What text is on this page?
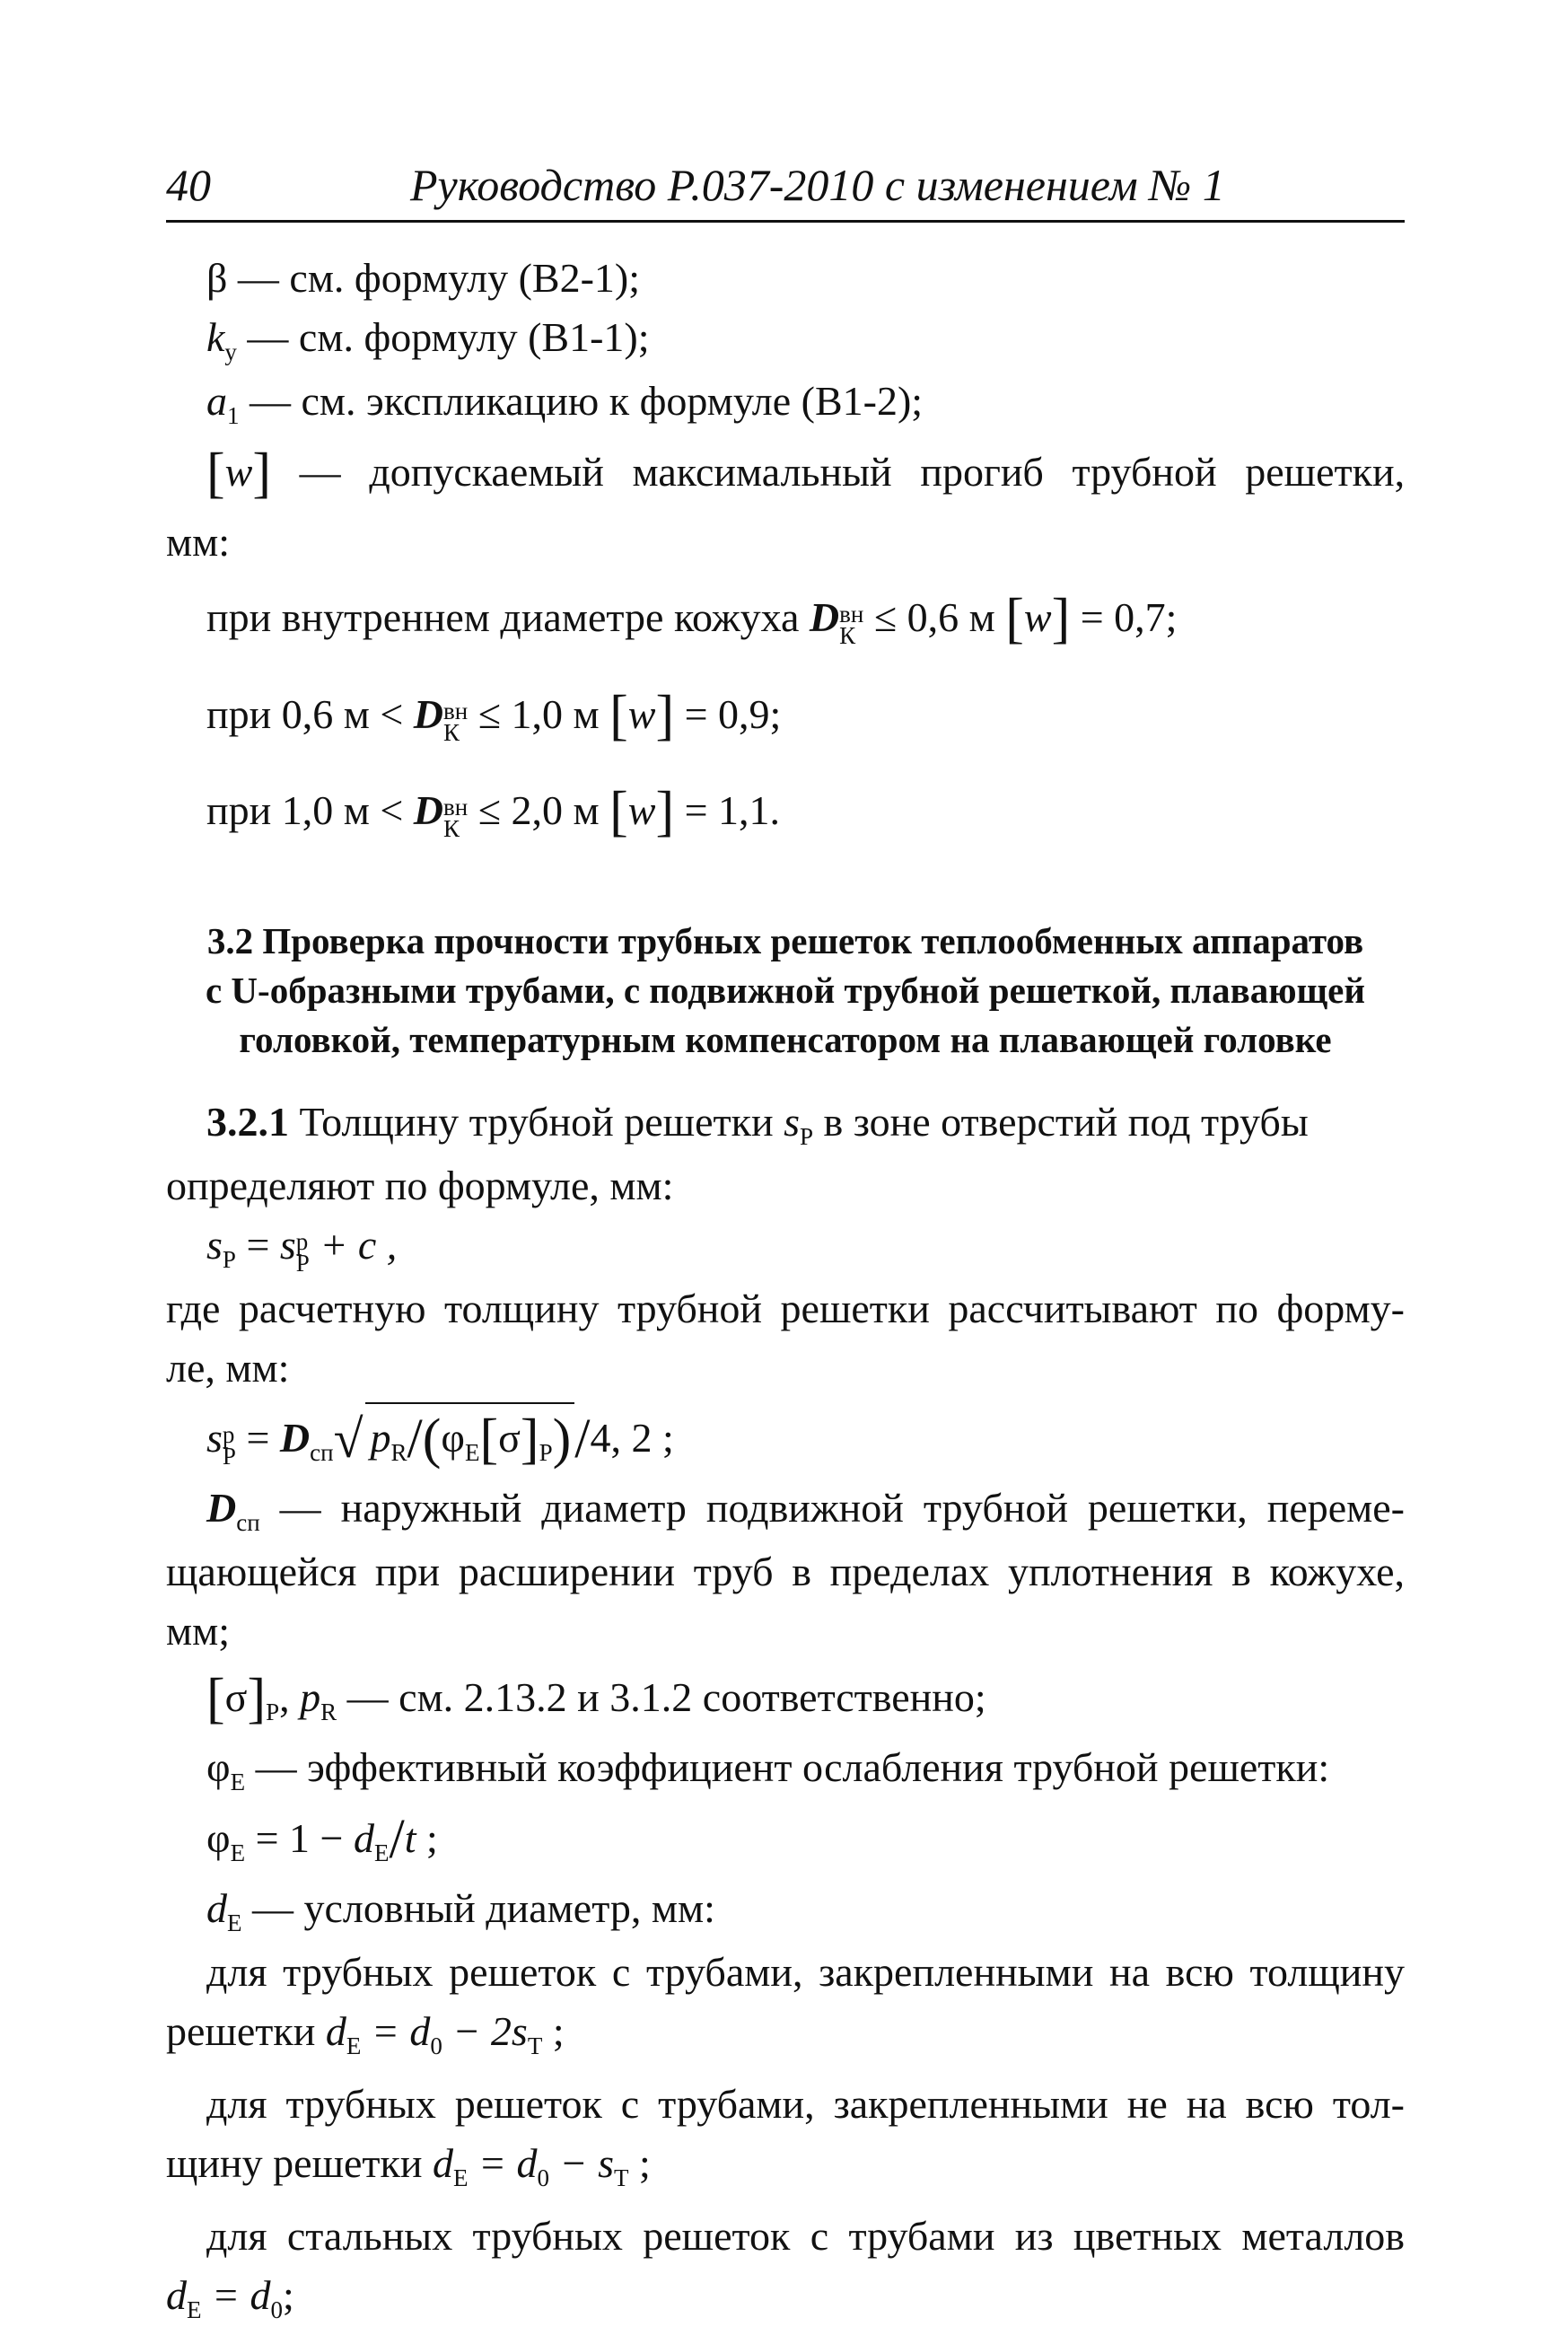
40	Руководство Р.037-2010 с изменением № 1
β — см. формулу (В2-1);
$k_y$ — см. формулу (В1-1);
$a_1$ — см. экспликацию к формуле (В1-2);
[w] — допускаемый максимальный прогиб трубной решетки,
мм:
при внутреннем диаметре кожуха D вн
К ≤ 0,6 м [w] = 0,7;
при 0,6 м < D вн
К ≤ 1,0 м [w] = 0,9;
при 1,0 м < D вн
К ≤ 2,0 м [w] = 1,1.
3.2 Проверка прочности трубных решеток теплообменных аппаратов
с U-образными трубами, с подвижной трубной решеткой, плавающей
головкой, температурным компенсатором на плавающей головке
3.2.1 Толщину трубной решетки $s_Р$ в зоне отверстий под трубы
определяют по формуле, мм:
$s_Р = s$ р
Р + c ,
где расчетную толщину трубной решетки рассчитывают по форму-
ле, мм:
s р
$Р = D_{сп}√$ $p_R/(\varphi_E[\sigma]_Р)/4$, 2 ;
$D_{сп}$ — наружный диаметр подвижной трубной решетки, переме-
щающейся при расширении труб в пределах уплотнения в кожухе,
мм;
$[\sigma]_Р$, $p_R$ — см. 2.13.2 и 3.1.2 соответственно;
$\varphi_E$ — эффективный коэффициент ослабления трубной решетки:
$\varphi_E = 1 - d_E/t$ ;
$d_E$ — условный диаметр, мм:
для трубных решеток с трубами, закрепленными на всю толщину
решетки $d_E = d_0 - 2s_Т$ ;
для трубных решеток с трубами, закрепленными не на всю тол-
щину решетки $d_E = d_0 - s_Т$ ;
для стальных трубных решеток с трубами из цветных металлов
$d_E = d_0$;
